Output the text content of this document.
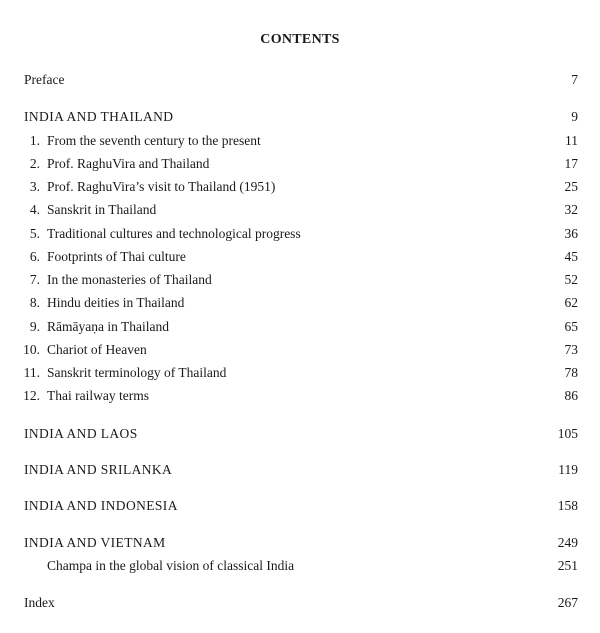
CONTENTS
Preface	7
INDIA AND THAILAND	9
1. From the seventh century to the present	11
2. Prof. RaghuVira and Thailand	17
3. Prof. RaghuVira’s visit to Thailand (1951)	25
4. Sanskrit in Thailand	32
5. Traditional cultures and technological progress	36
6. Footprints of Thai culture	45
7. In the monasteries of Thailand	52
8. Hindu deities in Thailand	62
9. Rāmāyaṇa in Thailand	65
10. Chariot of Heaven	73
11. Sanskrit terminology of Thailand	78
12. Thai railway terms	86
INDIA AND LAOS	105
INDIA AND SRILANKA	119
INDIA AND INDONESIA	158
INDIA AND VIETNAM	249
Champa in the global vision of classical India	251
Index	267
